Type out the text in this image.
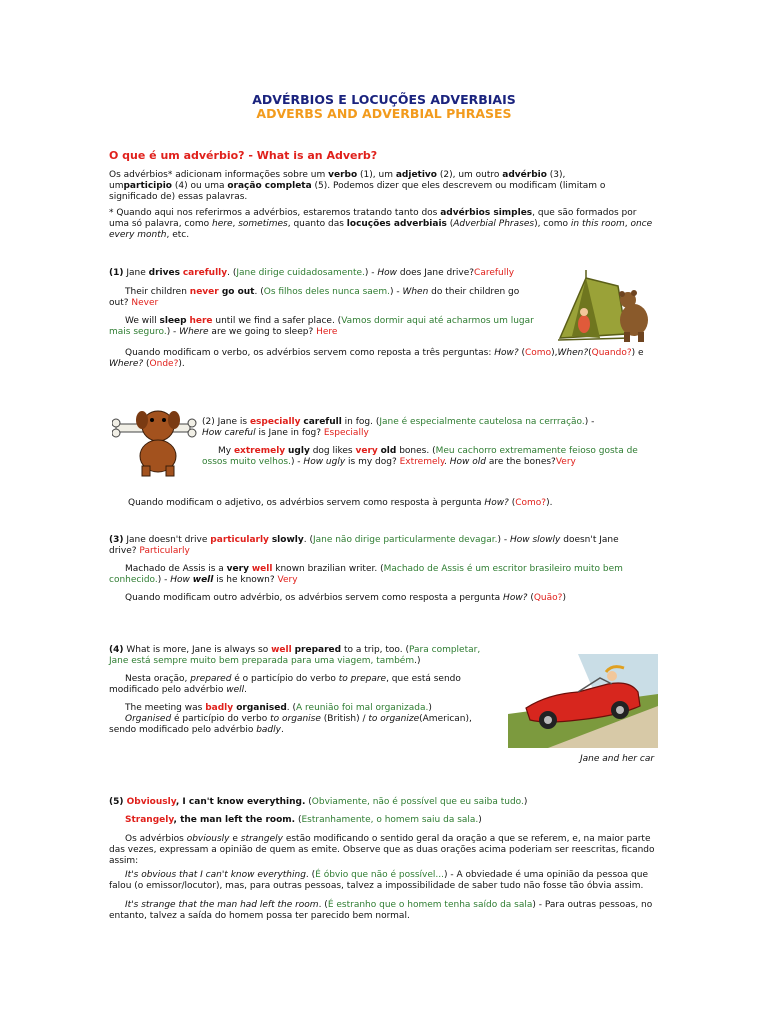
ADVÉRBIOS E LOCUÇÕES ADVERBIAIS
ADVERBS AND ADVERBIAL PHRASES
O que é um advérbio? - What is an Adverb?

Os advérbios* adicionam informações sobre um verbo (1), um adjetivo (2), um outro advérbio (3),
umparticipio (4) ou uma oração completa (5). Podemos dizer que eles descrevem ou modificam (limitam o significado de) essas palavras.

* Quando aqui nos referirmos a advérbios, estaremos tratando tanto dos advérbios simples, que são formados por uma só palavra, como here, sometimes, quanto das locuções adverbiais (Adverbial Phrases), como in this room, once every month, etc.

(1) Jane drives carefully. (Jane dirige cuidadosamente.) - How does Jane drive?Carefully

Their children never go out. (Os filhos deles nunca saem.) - When do their children go out? Never

We will sleep here until we find a safer place. (Vamos dormir aqui até acharmos um lugar mais seguro.) - Where are we going to sleep? Here

Quando modificam o verbo, os advérbios servem como reposta a três perguntas: How? (Como),When?(Quando?) e Where? (Onde?).

(2) Jane is especially carefull in fog. (Jane é especialmente cautelosa na cerrração.) -
How careful is Jane in fog? Especially

My extremely ugly dog likes very old bones. (Meu cachorro extremamente feioso gosta de ossos muito velhos.) - How ugly is my dog? Extremely. How old are the bones?Very

Quando modificam o adjetivo, os advérbios servem como resposta à pergunta How? (Como?).

(3) Jane doesn't drive particularly slowly. (Jane não dirige particularmente devagar.) - How slowly doesn't Jane drive? Particularly

Machado de Assis is a very well known brazilian writer. (Machado de Assis é um escritor brasileiro muito bem conhecido.) - How well is he known? Very

Quando modificam outro advérbio, os advérbios servem como resposta a pergunta How? (Quão?)

(4) What is more, Jane is always so well prepared to a trip, too. (Para completar, Jane está sempre muito bem preparada para uma viagem, também.)

Nesta oração, prepared é o particípio do verbo to prepare, que está sendo modificado pelo advérbio well.

The meeting was badly organised. (A reunião foi mal organizada.)
Organised é particípio do verbo to organise (British) / to organize(American), sendo modificado pelo advérbio badly.

Jane and her car

(5) Obviously, I can't know everything. (Obviamente, não é possível que eu saiba tudo.)

Strangely, the man left the room. (Estranhamente, o homem saiu da sala.)

Os advérbios obviously e strangely estão modificando o sentido geral da oração a que se referem, e, na maior parte das vezes, expressam a opinião de quem as emite. Observe que as duas orações acima poderiam ser reescritas, ficando assim:

It's obvious that I can't know everything. (É óbvio que não é possível...) - A obviedade é uma opinião da pessoa que falou (o emissor/locutor), mas, para outras pessoas, talvez a impossibilidade de saber tudo não fosse tão óbvia assim.

It's strange that the man had left the room. (É estranho que o homem tenha saído da sala) - Para outras pessoas, no entanto, talvez a saída do homem possa ter parecido bem normal.
